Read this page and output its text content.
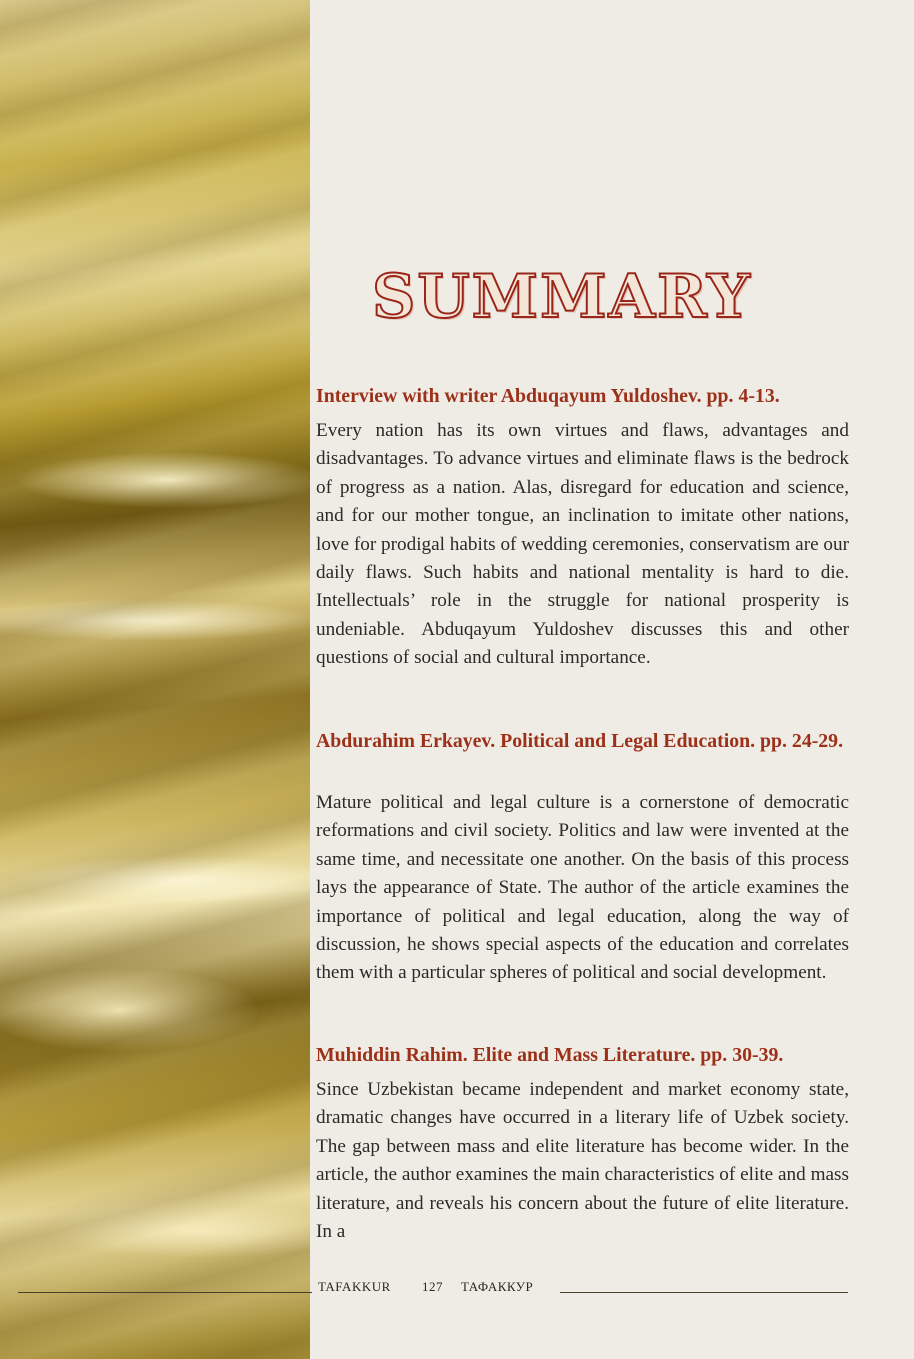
SUMMARY
Interview with writer Abduqayum Yuldoshev. pp. 4-13.

Every nation has its own virtues and flaws, advantages and disadvantages. To advance virtues and eliminate flaws is the bedrock of progress as a nation. Alas, disregard for education and science, and for our mother tongue, an inclination to imitate other nations, love for prodigal habits of wedding ceremonies, conservatism are our daily flaws. Such habits and national mentality is hard to die. Intellectuals’ role in the struggle for national prosperity is undeniable. Abduqayum Yuldoshev discusses this and other questions of social and cultural importance.

Abdurahim Erkayev. Political and Legal Education. pp. 24-29.

Mature political and legal culture is a cornerstone of democratic reformations and civil society. Politics and law were invented at the same time, and necessitate one another. On the basis of this process lays the appearance of State. The author of the article examines the importance of political and legal education, along the way of discussion, he shows special aspects of the education and correlates them with a particular spheres of political and social development.

Muhiddin Rahim. Elite and Mass Literature. pp. 30-39.

Since Uzbekistan became independent and market economy state, dramatic changes have occurred in a literary life of Uzbek society. The gap between mass and elite literature has become wider. In the article, the author examines the main characteristics of elite and mass literature, and reveals his concern about the future of elite literature. In a

TAFAKKUR 127 ТАФАККУР
